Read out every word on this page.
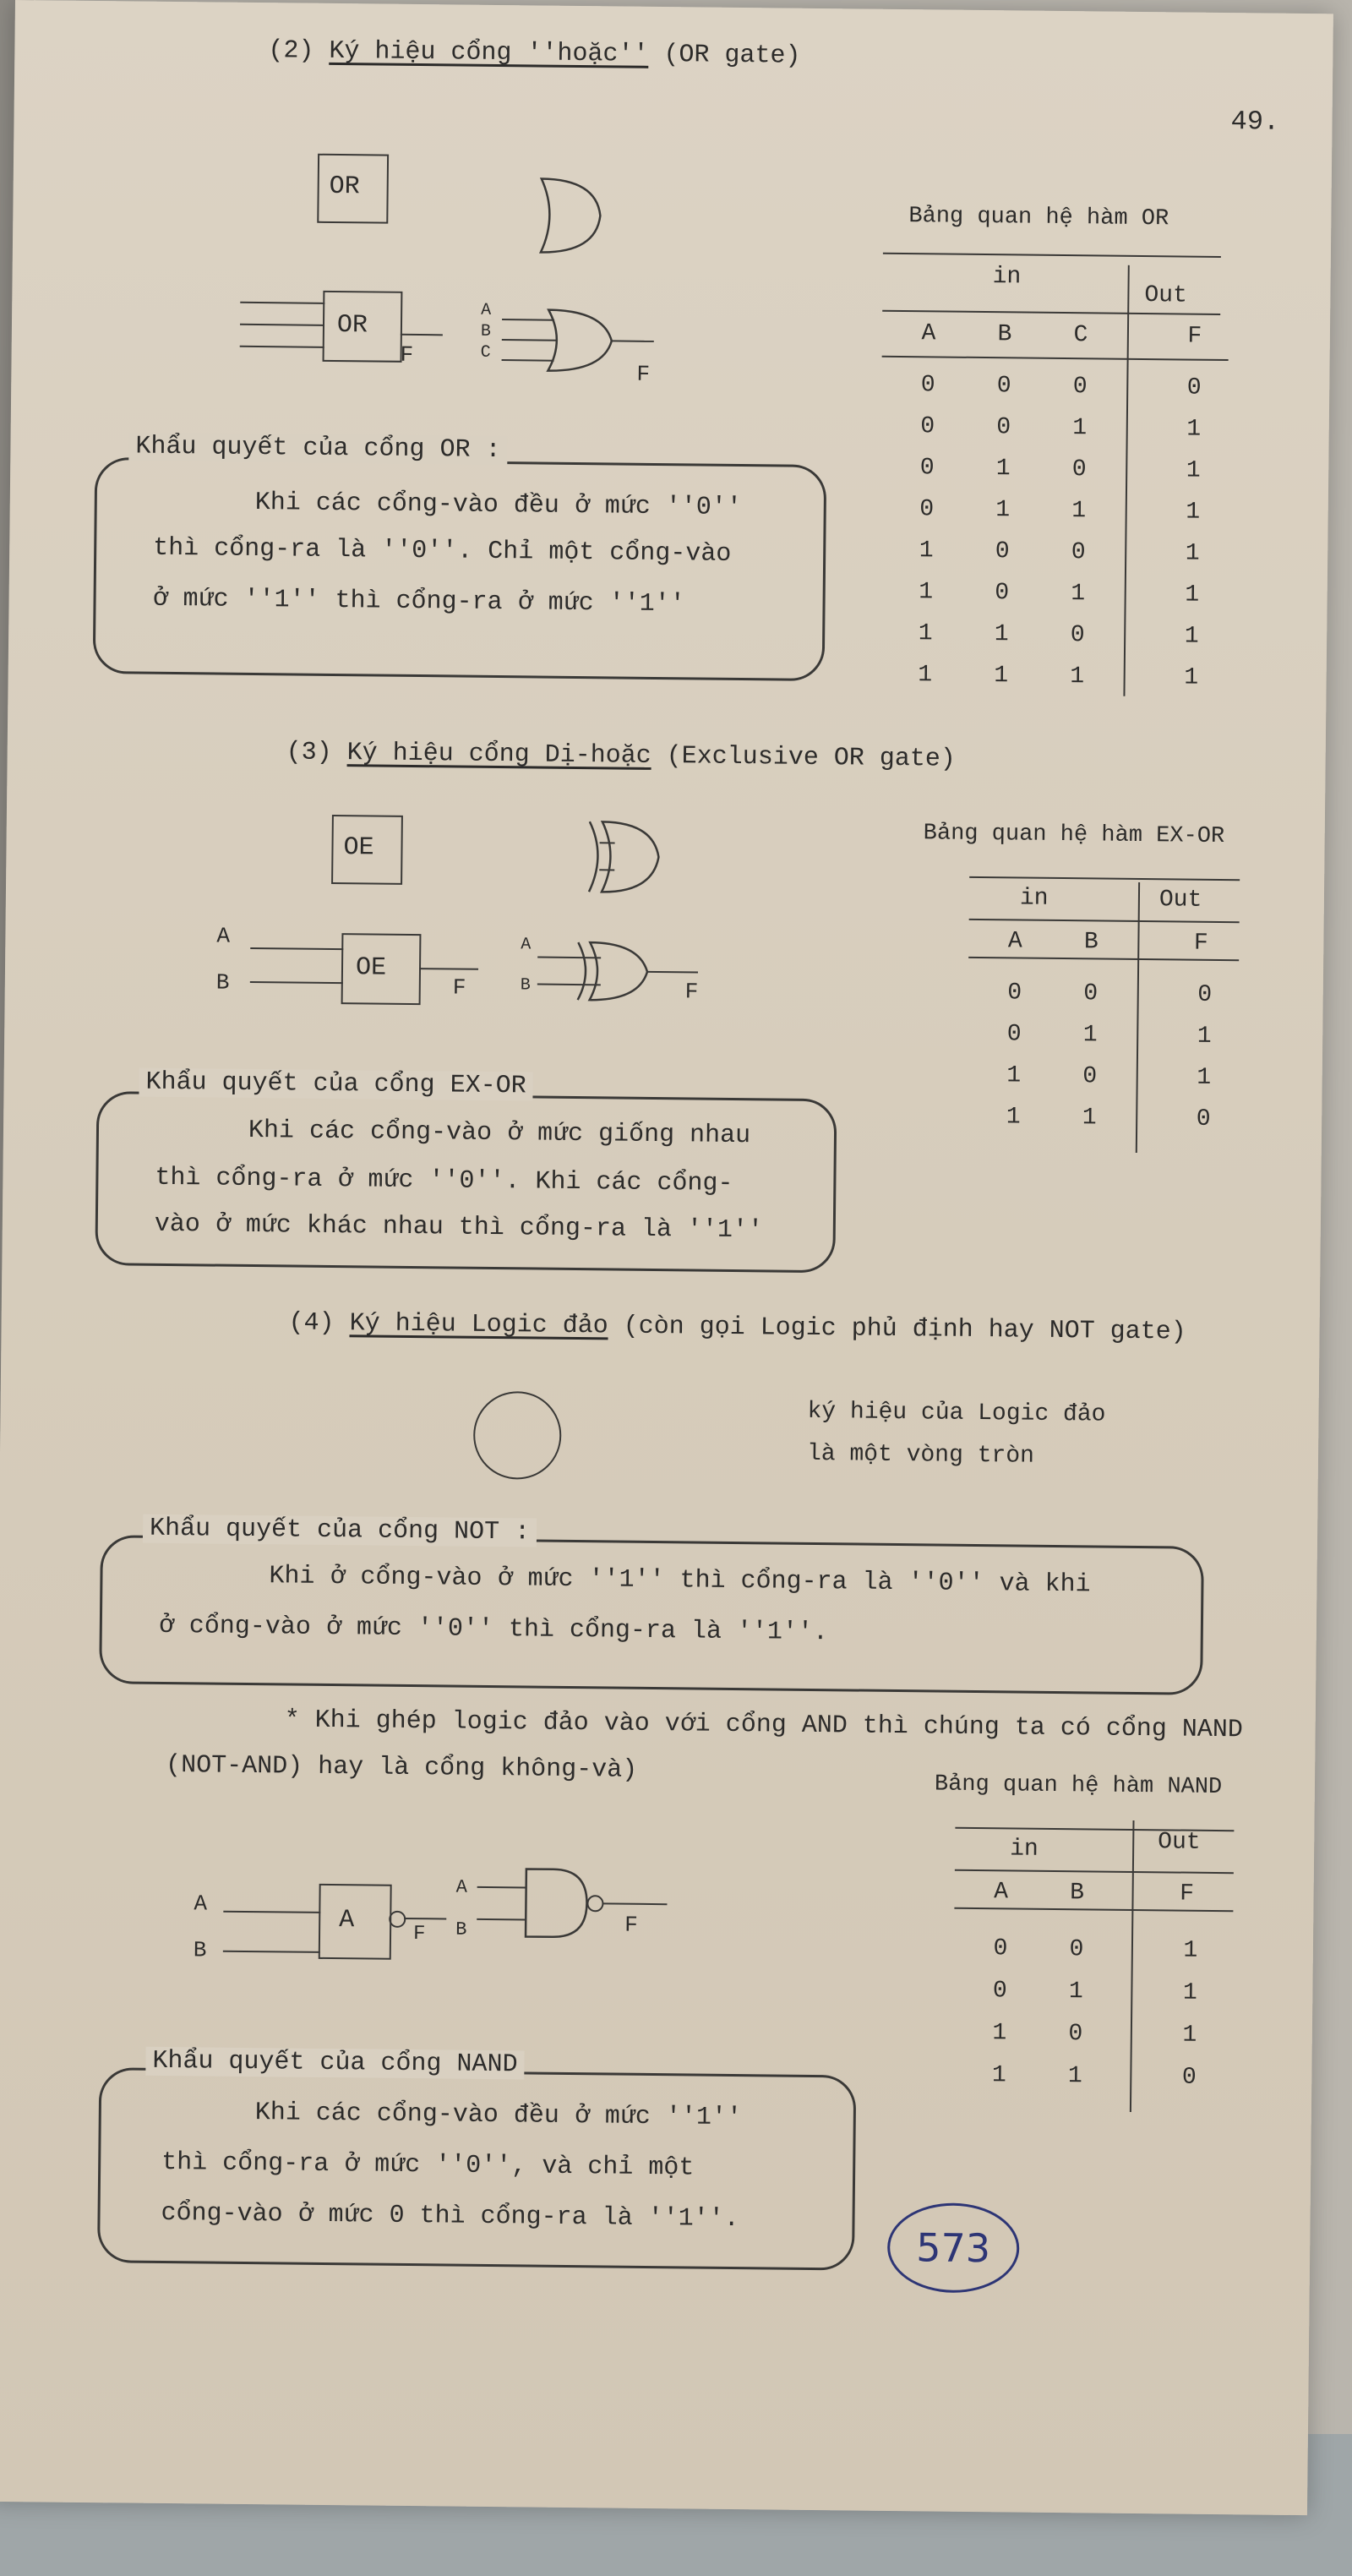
49.
(2) Ký hiệu cổng ''hoặc'' (OR gate)
OR
OR
F
A
B
C
F
Bảng quan hệ hàm OR
in
Out
A	B	C	F
0	0	0	0
0	0	1	1
0	1	0	1
0	1	1	1
1	0	0	1
1	0	1	1
1	1	0	1
1	1	1	1
Khẩu quyết của cổng OR :
Khi các cổng-vào đều ở mức ''0''
thì cổng-ra là ''0''. Chỉ một cổng-vào
ở mức ''1'' thì cổng-ra ở mức ''1''
(3) Ký hiệu cổng Dị-hoặc (Exclusive OR gate)
OE
A
B	OE
F
A
B	F
Bảng quan hệ hàm EX-OR
in	Out
A	B	F
0	0	0
0	1	1
1	0	1
1	1	0
Khẩu quyết của cổng EX-OR
Khi các cổng-vào ở mức giống nhau
thì cổng-ra ở mức ''0''. Khi các cổng-
vào ở mức khác nhau thì cổng-ra là ''1''
(4) Ký hiệu Logic đảo (còn gọi Logic phủ định hay NOT gate)
ký hiệu của Logic đảo
là một vòng tròn
Khẩu quyết của cổng NOT :
Khi ở cổng-vào ở mức ''1'' thì cổng-ra là ''0'' và khi
ở cổng-vào ở mức ''0'' thì cổng-ra là ''1''.
* Khi ghép logic đảo vào với cổng AND thì chúng ta có cổng NAND
(NOT-AND) hay là cổng không-và)
A
B
A	F
A
B	F
Bảng quan hệ hàm NAND
in	Out
A	B	F
0	0	1
0	1	1
1	0	1
1	1	0
Khẩu quyết của cổng NAND
Khi các cổng-vào đều ở mức ''1''
thì cổng-ra ở mức ''0'', và chỉ một
cổng-vào ở mức 0 thì cổng-ra là ''1''.
573
